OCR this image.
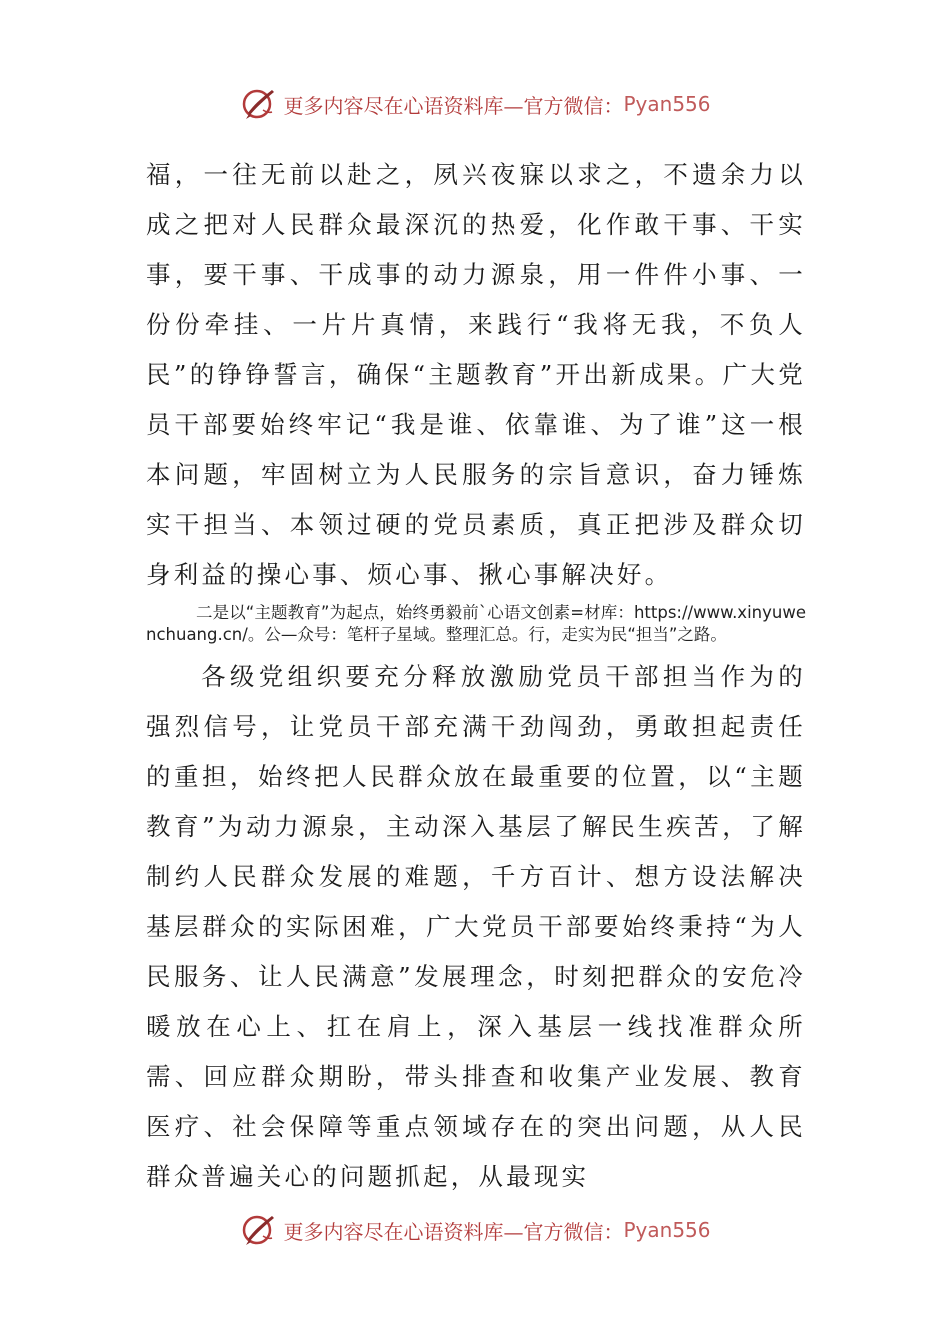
更多内容尽在心语资料库—官方微信： Pyan556

福，一往无前以赴之，夙兴夜寐以求之，不遗余力以成之把对人民群众最深沉的热爱，化作敢干事、干实事，要干事、干成事的动力源泉，用一件件小事、一份份牵挂、一片片真情，来践行“我将无我，不负人民”的铮铮誓言，确保“主题教育”开出新成果。广大党员干部要始终牢记“我是谁、依靠谁、为了谁”这一根本问题，牢固树立为人民服务的宗旨意识，奋力锤炼实干担当、本领过硬的党员素质，真正把涉及群众切身利益的操心事、烦心事、揪心事解决好。

二是以“主题教育”为起点，始终勇毅前`心语文创素=材库：https://www.xinyuwenchuang.cn/。公—众号：笔杆子星域。整理汇总。行，走实为民“担当”之路。

各级党组织要充分释放激励党员干部担当作为的强烈信号，让党员干部充满干劲闯劲，勇敢担起责任的重担，始终把人民群众放在最重要的位置，以“主题教育”为动力源泉，主动深入基层了解民生疾苦，了解制约人民群众发展的难题，千方百计、想方设法解决基层群众的实际困难，广大党员干部要始终秉持“为人民服务、让人民满意”发展理念，时刻把群众的安危冷暖放在心上、扛在肩上，深入基层一线找准群众所需、回应群众期盼，带头排查和收集产业发展、教育医疗、社会保障等重点领域存在的突出问题，从人民群众普遍关心的问题抓起，从最现实

更多内容尽在心语资料库—官方微信： Pyan556
